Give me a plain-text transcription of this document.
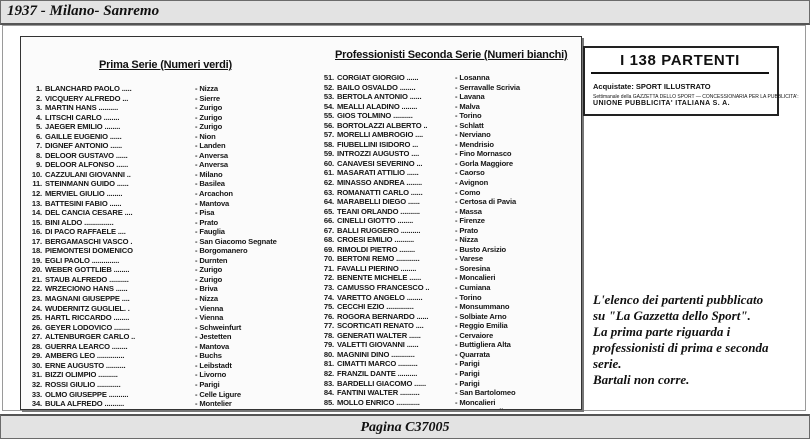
1937 - Milano- Sanremo
Prima Serie (Numeri verdi)
Professionisti Seconda Serie (Numeri bianchi)
1. BLANCHARD PAOLO .....	- Nizza
2. VICQUERY ALFREDO ...	- Sierre
3. MARTIN HANS ..........	- Zurigo
4. LITSCHI CARLO ........	- Zurigo
5. JAEGER EMILIO ........	- Zurigo
6. GAILLE EUGENIO ......	- Nion
7. DIGNEF ANTONIO ......	- Landen
8. DELOOR GUSTAVO ......	- Anversa
9. DELOOR ALFONSO ......	- Anversa
10. CAZZULANI GIOVANNI ..	- Milano
11. STEINMANN GUIDO ......	- Basilea
12. MERVIEL GIULIO ........	- Arcachon
13. BATTESINI FABIO ......	- Mantova
14. DEL CANCIA CESARE ....	- Pisa
15. BINI ALDO ...............	- Prato
16. DI PACO RAFFAELE ....	- Fauglia
17. BERGAMASCHI VASCO .	- San Giacomo Segnate
18. PIEMONTESI DOMENICO	- Borgomanero
19. EGLI PAOLO ..............	- Durnten
20. WEBER GOTTLIEB ........	- Zurigo
21. STAUB ALFREDO ..........	- Zurigo
22. WRZECIONO HANS ......	- Briva
23. MAGNANI GIUSEPPE ....	- Nizza
24. WUDERNITZ GUGLIEL. .	- Vienna
25. HARTL RICCARDO ........	- Vienna
26. GEYER LODOVICO ........	- Schweinfurt
27. ALTENBURGER CARLO ..	- Jestetten
28. GUERRA LEARCO ........	- Mantova
29. AMBERG LEO ..............	- Buchs
30. ERNE AUGUSTO ..........	- Leibstadt
31. BIZZI OLIMPIO ..........	- Livorno
32. ROSSI GIULIO ............	- Parigi
33. OLMO GIUSEPPE ..........	- Celle Ligure
34. BULA ALFREDO ..........	- Montelier
51. CORGIAT GIORGIO ......	- Losanna
52. BAILO OSVALDO ........	- Serravalle Scrivia
53. BERTOLA ANTONIO ......	- Lavana
54. MEALLI ALADINO ........	- Malva
55. GIOS TOLMINO ..........	- Torino
56. BORTOLAZZI ALBERTO ..	- Schlatt
57. MORELLI AMBROGIO ....	- Nerviano
58. FIUBELLINI ISIDORO ...	- Mendrisio
59. INTROZZI AUGUSTO ....	- Fino Mornasco
60. CANAVESI SEVERINO ...	- Gorla Maggiore
61. MASARATI ATTILIO ......	- Caorso
62. MINASSO ANDREA ........	- Avignon
63. ROMANATTI CARLO ......	- Como
64. MARABELLI DIEGO ......	- Certosa di Pavia
65. TEANI ORLANDO ..........	- Massa
66. CINELLI GIOTTO ........	- Firenze
67. BALLI RUGGERO ..........	- Prato
68. CROESI EMILIO ..........	- Nizza
69. RIMOLDI PIETRO ........	- Busto Arsizio
70. BERTONI REMO ............	- Varese
71. FAVALLI PIERINO ........	- Soresina
72. BENENTE MICHELE ......	- Moncalieri
73. CAMUSSO FRANCESCO ..	- Cumiana
74. VARETTO ANGELO ........	- Torino
75. CECCHI EZIO ..............	- Monsummano
76. ROGORA BERNARDO ......	- Solbiate Arno
77. SCORTICATI RENATO ....	- Reggio Emilia
78. GENERATI WALTER ......	- Cervaiore
79. VALETTI GIOVANNI ......	- Buttigliera Alta
80. MAGNINI DINO ............	- Quarrata
81. CIMATTI MARCO ..........	- Parigi
82. FRANZIL DANTE ..........	- Parigi
83. BARDELLI GIACOMO ......	- Parigi
84. FANTINI WALTER ..........	- San Bartolomeo
85. MOLLO ENRICO ............	- Moncalieri
I 138 PARTENTI
Acquistate: SPORT ILLUSTRATO
Settimanale della GAZZETTA DELLO SPORT — CONCESSIONARIA PER LA PUBBLICITA':
UNIONE PUBBLICITA' ITALIANA S. A.

L'elenco dei partenti pubblicato

su "La Gazzetta dello Sport".

La prima parte riguarda i

professionisti di prima e seconda

serie.

Bartali non corre.

Pagina C37005
